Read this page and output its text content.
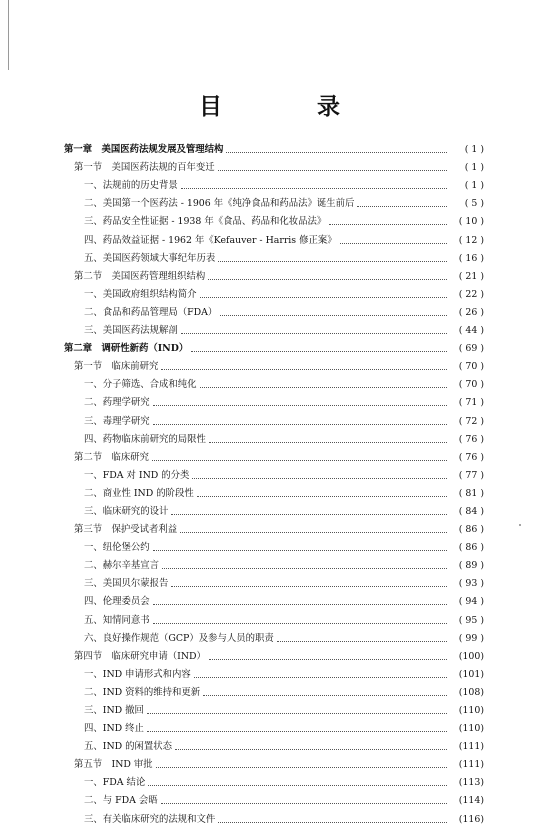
目　录
第一章　美国医药法规发展及管理结构	( 1 )
第一节　美国医药法规的百年变迁	( 1 )
一、法规前的历史背景	( 1 )
二、美国第一个医药法 - 1906 年《纯净食品和药品法》诞生前后	( 5 )
三、药品安全性证据 - 1938 年《食品、药品和化妆品法》	( 10 )
四、药品效益证据 - 1962 年《Kefauver - Harris 修正案》	( 12 )
五、美国医药领域大事纪年历表	( 16 )
第二节　美国医药管理组织结构	( 21 )
一、美国政府组织结构简介	( 22 )
二、食品和药品管理局（FDA）	( 26 )
三、美国医药法规解剖	( 44 )
第二章　调研性新药（IND）	( 69 )
第一节　临床前研究	( 70 )
一、分子筛选、合成和纯化	( 70 )
二、药理学研究	( 71 )
三、毒理学研究	( 72 )
四、药物临床前研究的局限性	( 76 )
第二节　临床研究	( 76 )
一、FDA 对 IND 的分类	( 77 )
二、商业性 IND 的阶段性	( 81 )
三、临床研究的设计	( 84 )
第三节　保护受试者利益	( 86 )
一、纽伦堡公约	( 86 )
二、赫尔辛基宣言	( 89 )
三、美国贝尔蒙报告	( 93 )
四、伦理委员会	( 94 )
五、知情同意书	( 95 )
六、良好操作规范（GCP）及参与人员的职责	( 99 )
第四节　临床研究申请（IND）	(100)
一、IND 申请形式和内容	(101)
二、IND 资料的维持和更新	(108)
三、IND 撤回	(110)
四、IND 终止	(110)
五、IND 的闲置状态	(111)
第五节　IND 审批	(111)
一、FDA 结论	(113)
二、与 FDA 会晤	(114)
三、有关临床研究的法规和文件	(116)
